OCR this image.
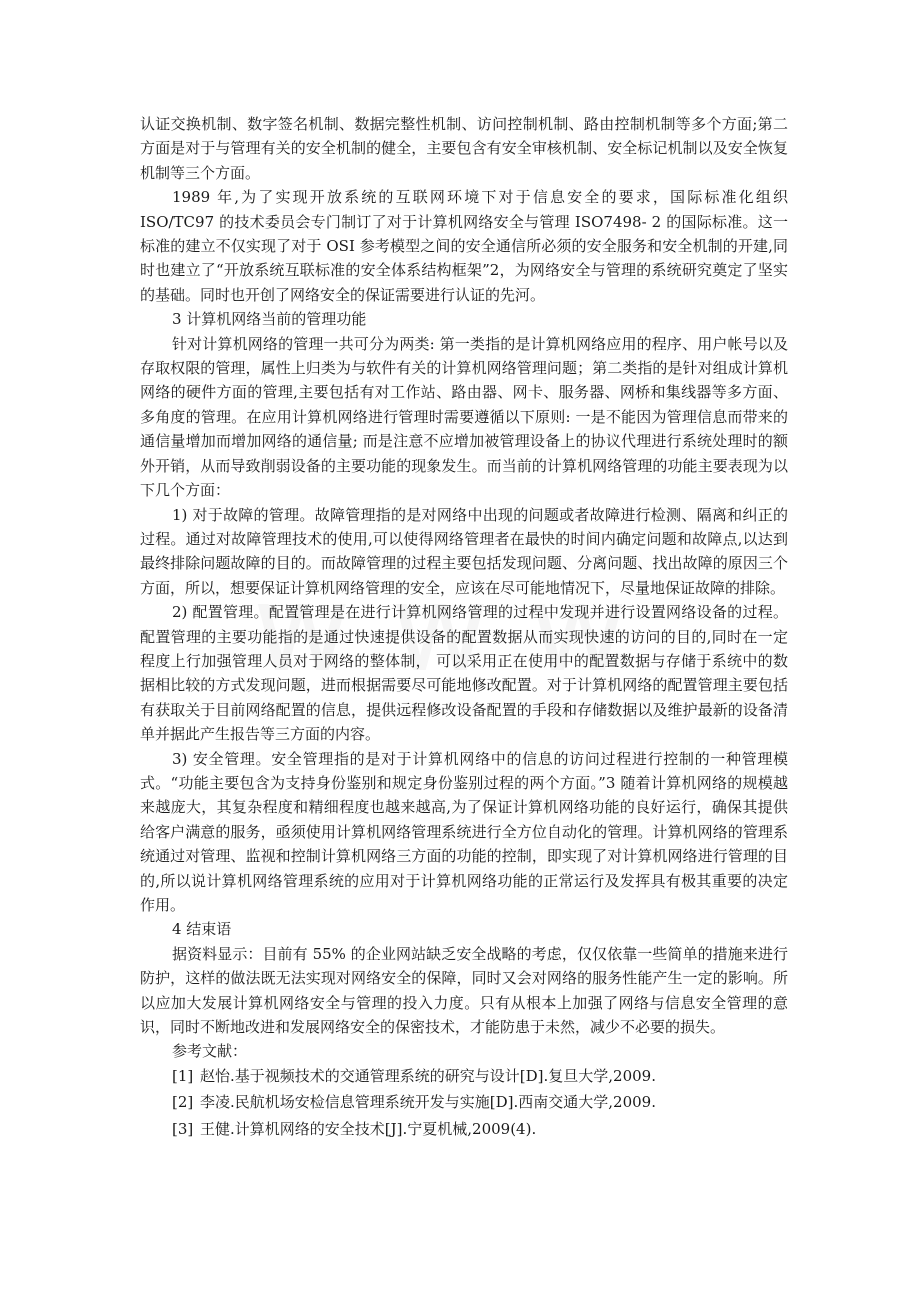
认证交换机制、数字签名机制、数据完整性机制、访问控制机制、路由控制机制等多个方面;第二方面是对于与管理有关的安全机制的健全，主要包含有安全审核机制、安全标记机制以及安全恢复机制等三个方面。

1989 年,为了实现开放系统的互联网环境下对于信息安全的要求，国际标准化组织 ISO/TC97 的技术委员会专门制订了对于计算机网络安全与管理 ISO7498- 2 的国际标准。这一标准的建立不仅实现了对于 OSI 参考模型之间的安全通信所必须的安全服务和安全机制的开建,同时也建立了“开放系统互联标准的安全体系结构框架”2，为网络安全与管理的系统研究奠定了坚实的基础。同时也开创了网络安全的保证需要进行认证的先河。

3 计算机网络当前的管理功能

针对计算机网络的管理一共可分为两类: 第一类指的是计算机网络应用的程序、用户帐号以及存取权限的管理，属性上归类为与软件有关的计算机网络管理问题；第二类指的是针对组成计算机网络的硬件方面的管理,主要包括有对工作站、路由器、网卡、服务器、网桥和集线器等多方面、多角度的管理。在应用计算机网络进行管理时需要遵循以下原则: 一是不能因为管理信息而带来的通信量增加而增加网络的通信量; 而是注意不应增加被管理设备上的协议代理进行系统处理时的额外开销，从而导致削弱设备的主要功能的现象发生。而当前的计算机网络管理的功能主要表现为以下几个方面：

1) 对于故障的管理。故障管理指的是对网络中出现的问题或者故障进行检测、隔离和纠正的过程。通过对故障管理技术的使用,可以使得网络管理者在最快的时间内确定问题和故障点,以达到最终排除问题故障的目的。而故障管理的过程主要包括发现问题、分离问题、找出故障的原因三个方面，所以，想要保证计算机网络管理的安全，应该在尽可能地情况下，尽量地保证故障的排除。

2) 配置管理。配置管理是在进行计算机网络管理的过程中发现并进行设置网络设备的过程。配置管理的主要功能指的是通过快速提供设备的配置数据从而实现快速的访问的目的,同时在一定程度上行加强管理人员对于网络的整体制， 可以采用正在使用中的配置数据与存储于系统中的数据相比较的方式发现问题，进而根据需要尽可能地修改配置。对于计算机网络的配置管理主要包括有获取关于目前网络配置的信息，提供远程修改设备配置的手段和存储数据以及维护最新的设备清单并据此产生报告等三方面的内容。

3) 安全管理。安全管理指的是对于计算机网络中的信息的访问过程进行控制的一种管理模式。“功能主要包含为支持身份鉴别和规定身份鉴别过程的两个方面。”3 随着计算机网络的规模越来越庞大，其复杂程度和精细程度也越来越高,为了保证计算机网络功能的良好运行，确保其提供给客户满意的服务，亟须使用计算机网络管理系统进行全方位自动化的管理。计算机网络的管理系统通过对管理、监视和控制计算机网络三方面的功能的控制，即实现了对计算机网络进行管理的目的,所以说计算机网络管理系统的应用对于计算机网络功能的正常运行及发挥具有极其重要的决定作用。

4 结束语

据资料显示：目前有 55% 的企业网站缺乏安全战略的考虑，仅仅依靠一些简单的措施来进行防护，这样的做法既无法实现对网络安全的保障，同时又会对网络的服务性能产生一定的影响。所以应加大发展计算机网络安全与管理的投入力度。只有从根本上加强了网络与信息安全管理的意识，同时不断地改进和发展网络安全的保密技术，才能防患于未然，减少不必要的损失。

参考文献：

[1] 赵怡.基于视频技术的交通管理系统的研究与设计[D].复旦大学,2009.

[2] 李凌.民航机场安检信息管理系统开发与实施[D].西南交通大学,2009.

[3] 王健.计算机网络的安全技术[J].宁夏机械,2009(4).
